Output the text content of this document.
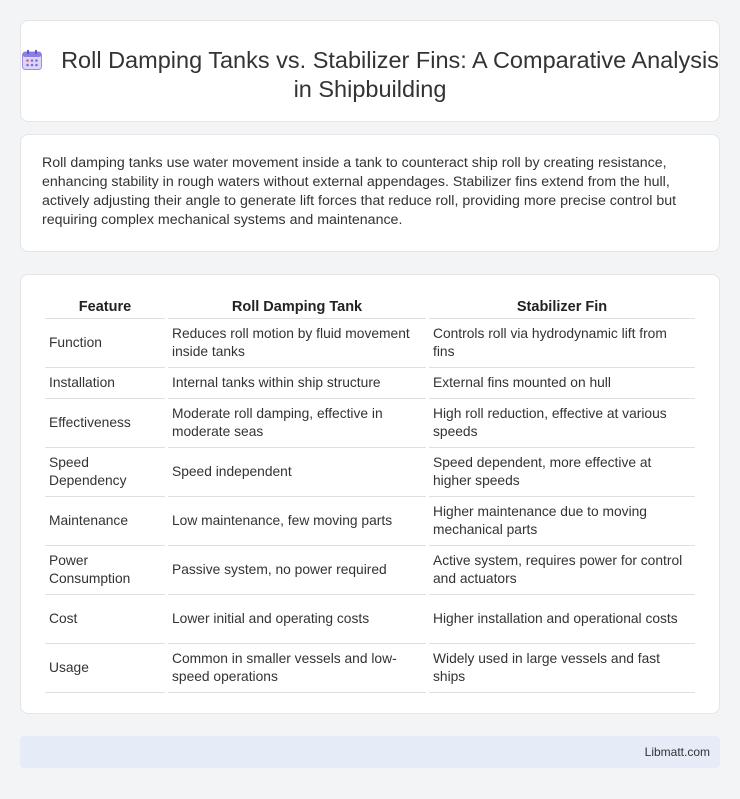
Roll Damping Tanks vs. Stabilizer Fins: A Comparative Analysis in Shipbuilding

Roll damping tanks use water movement inside a tank to counteract ship roll by creating resistance, enhancing stability in rough waters without external appendages. Stabilizer fins extend from the hull, actively adjusting their angle to generate lift forces that reduce roll, providing more precise control but requiring complex mechanical systems and maintenance.

Feature	Roll Damping Tank	Stabilizer Fin
Function	Reduces roll motion by fluid movement inside tanks	Controls roll via hydrodynamic lift from fins
Installation	Internal tanks within ship structure	External fins mounted on hull
Effectiveness	Moderate roll damping, effective in moderate seas	High roll reduction, effective at various speeds
Speed Dependency	Speed independent	Speed dependent, more effective at higher speeds
Maintenance	Low maintenance, few moving parts	Higher maintenance due to moving mechanical parts
Power Consumption	Passive system, no power required	Active system, requires power for control and actuators
Cost	Lower initial and operating costs	Higher installation and operational costs
Usage	Common in smaller vessels and low-speed operations	Widely used in large vessels and fast ships
Libmatt.com
